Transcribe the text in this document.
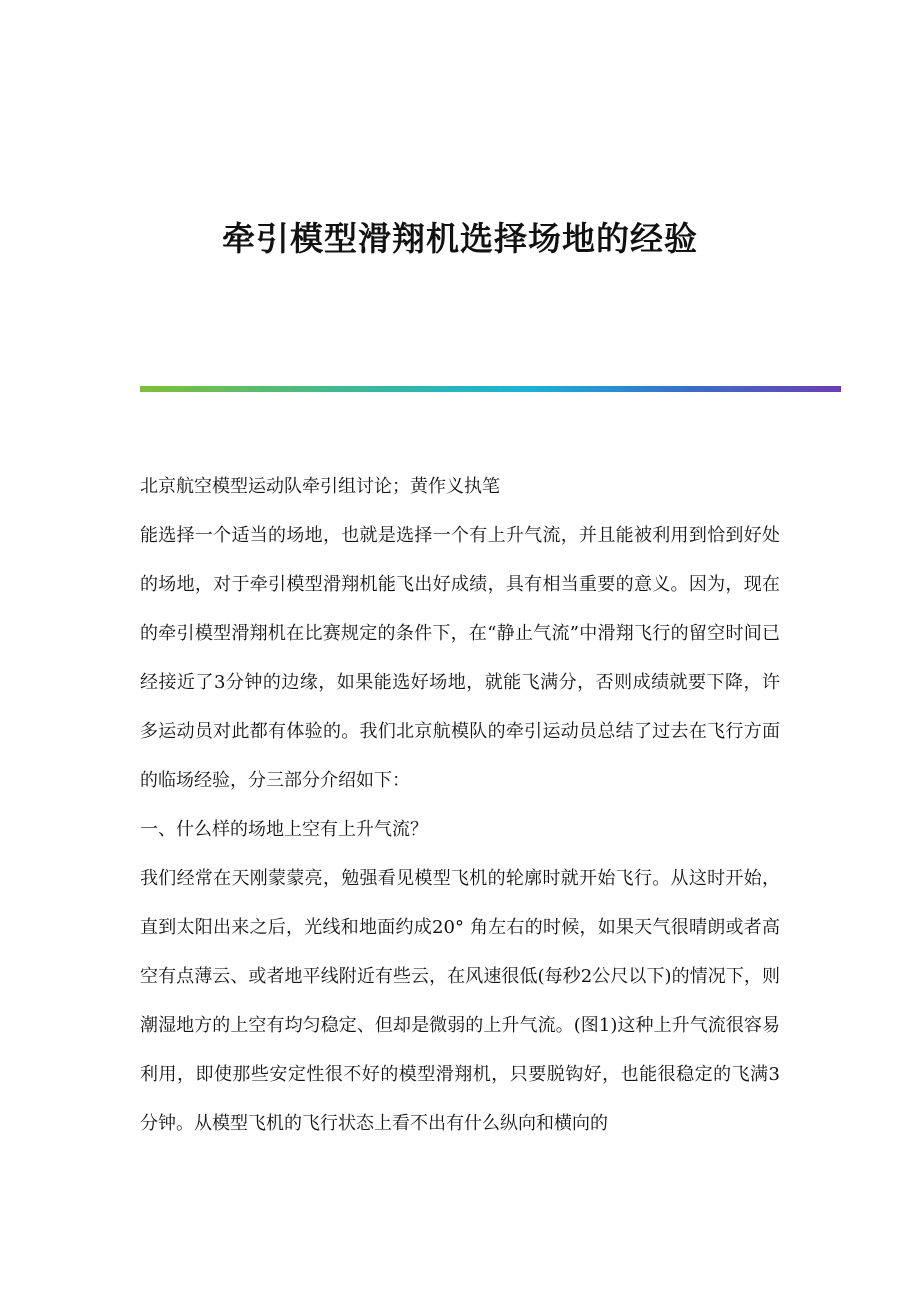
牵引模型滑翔机选择场地的经验

北京航空模型运动队牵引组讨论；黄作义执笔

能选择一个适当的场地，也就是选择一个有上升气流，并且能被利用到恰到好处的场地，对于牵引模型滑翔机能飞出好成绩，具有相当重要的意义。因为，现在的牵引模型滑翔机在比赛规定的条件下，在“静止气流”中滑翔飞行的留空时间已经接近了3分钟的边缘，如果能选好场地，就能飞满分，否则成绩就要下降，许多运动员对此都有体验的。我们北京航模队的牵引运动员总结了过去在飞行方面的临场经验，分三部分介绍如下：

一、什么样的场地上空有上升气流？

我们经常在天刚蒙蒙亮，勉强看见模型飞机的轮廓时就开始飞行。从这时开始，直到太阳出来之后，光线和地面约成20° 角左右的时候，如果天气很晴朗或者高空有点薄云、或者地平线附近有些云，在风速很低(每秒2公尺以下)的情况下，则潮湿地方的上空有均匀稳定、但却是微弱的上升气流。(图1)这种上升气流很容易利用，即使那些安定性很不好的模型滑翔机，只要脱钩好，也能很稳定的飞满3分钟。从模型飞机的飞行状态上看不出有什么纵向和横向的
